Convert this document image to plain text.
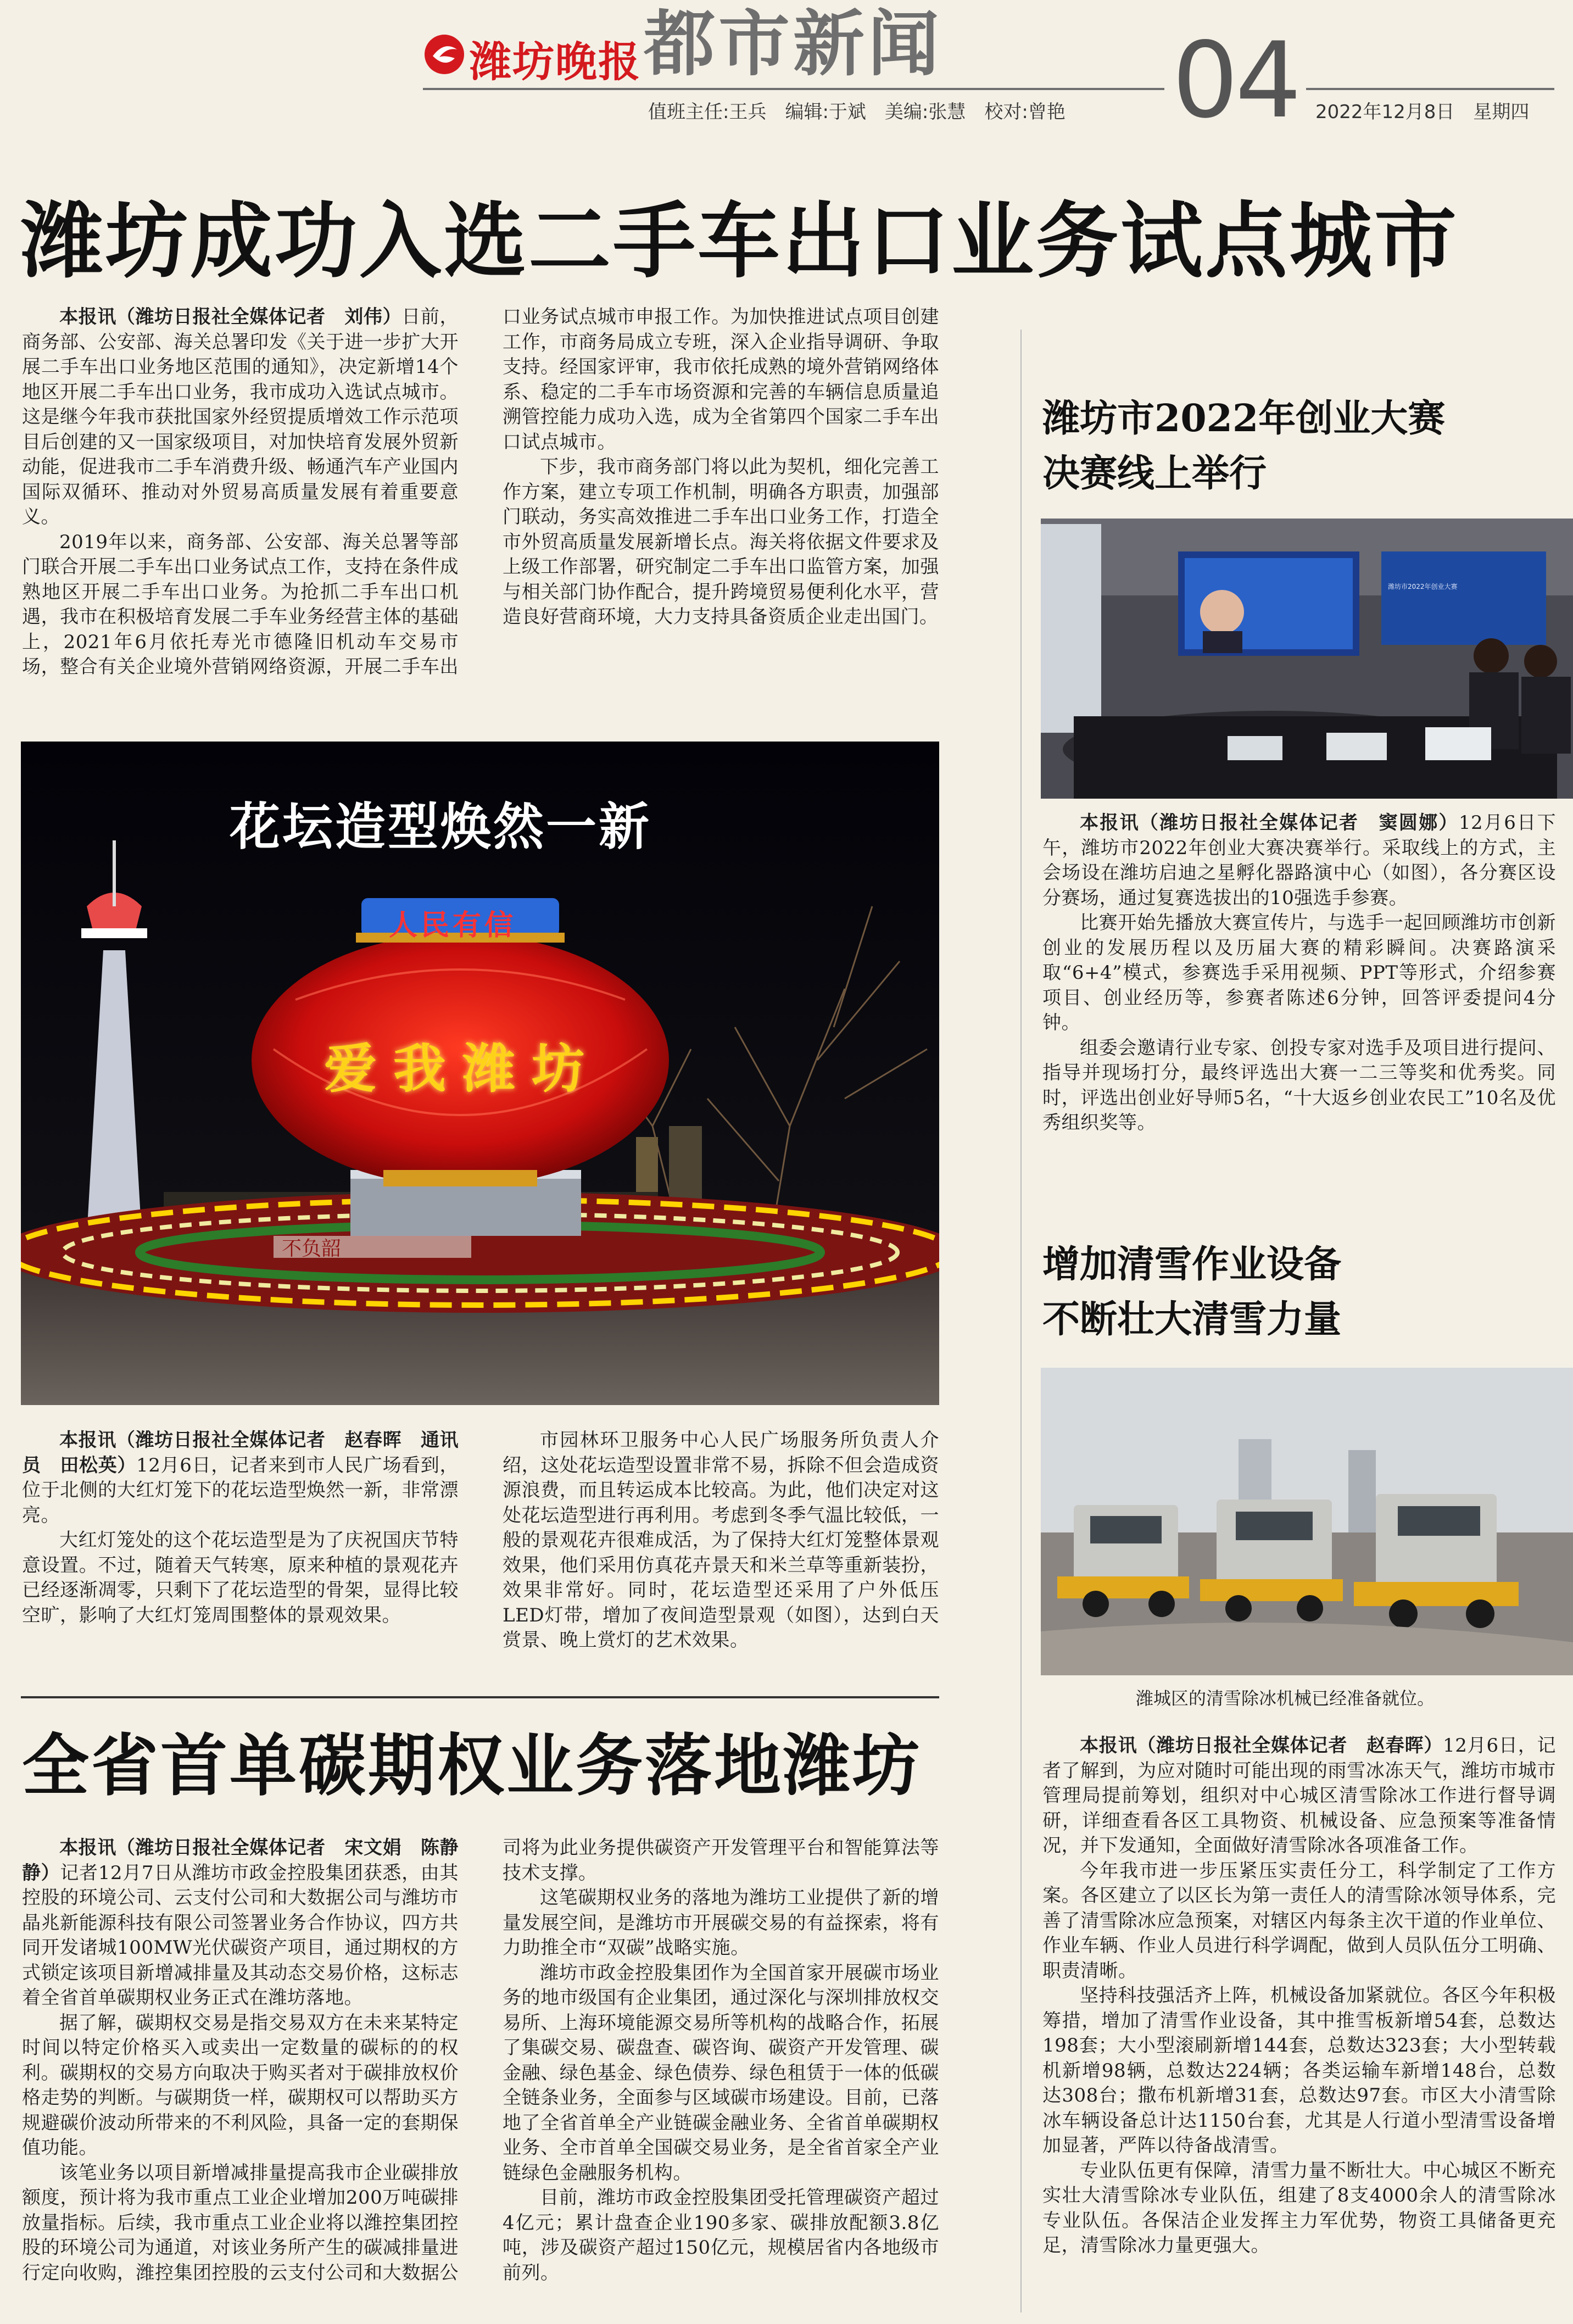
潍坊晚报 都市新闻
值班主任:王兵　编辑:于斌　美编:张慧　校对:曾艳 04 2022年12月8日　星期四
潍坊成功入选二手车出口业务试点城市

本报讯（潍坊日报社全媒体记者　刘伟）日前，商务部、公安部、海关总署印发《关于进一步扩大开展二手车出口业务地区范围的通知》，决定新增14个地区开展二手车出口业务，我市成功入选试点城市。这是继今年我市获批国家外经贸提质增效工作示范项目后创建的又一国家级项目，对加快培育发展外贸新动能，促进我市二手车消费升级、畅通汽车产业国内国际双循环、推动对外贸易高质量发展有着重要意义。

2019年以来，商务部、公安部、海关总署等部门联合开展二手车出口业务试点工作，支持在条件成熟地区开展二手车出口业务。为抢抓二手车出口机遇，我市在积极培育发展二手车业务经营主体的基础上，2021年6月依托寿光市德隆旧机动车交易市场，整合有关企业境外营销网络资源，开展二手车出口业务试点城市申报工作。为加快推进试点项目创建工作，市商务局成立专班，深入企业指导调研、争取支持。经国家评审，我市依托成熟的境外营销网络体系、稳定的二手车市场资源和完善的车辆信息质量追溯管控能力成功入选，成为全省第四个国家二手车出口试点城市。

下步，我市商务部门将以此为契机，细化完善工作方案，建立专项工作机制，明确各方职责，加强部门联动，务实高效推进二手车出口业务工作，打造全市外贸高质量发展新增长点。海关将依据文件要求及上级工作部署，研究制定二手车出口监管方案，加强与相关部门协作配合，提升跨境贸易便利化水平，营造良好营商环境，大力支持具备资质企业走出国门。

人民有信
爱我潍坊
不负韶
花坛造型焕然一新

本报讯（潍坊日报社全媒体记者　赵春晖　通讯员　田松英）12月6日，记者来到市人民广场看到，位于北侧的大红灯笼下的花坛造型焕然一新，非常漂亮。

大红灯笼处的这个花坛造型是为了庆祝国庆节特意设置。不过，随着天气转寒，原来种植的景观花卉已经逐渐凋零，只剩下了花坛造型的骨架，显得比较空旷，影响了大红灯笼周围整体的景观效果。

市园林环卫服务中心人民广场服务所负责人介绍，这处花坛造型设置非常不易，拆除不但会造成资源浪费，而且转运成本比较高。为此，他们决定对这处花坛造型进行再利用。考虑到冬季气温比较低，一般的景观花卉很难成活，为了保持大红灯笼整体景观效果，他们采用仿真花卉景天和米兰草等重新装扮，效果非常好。同时，花坛造型还采用了户外低压LED灯带，增加了夜间造型景观（如图），达到白天赏景、晚上赏灯的艺术效果。

全省首单碳期权业务落地潍坊

本报讯（潍坊日报社全媒体记者　宋文娟　陈静静）记者12月7日从潍坊市政金控股集团获悉，由其控股的环境公司、云支付公司和大数据公司与潍坊市晶兆新能源科技有限公司签署业务合作协议，四方共同开发诸城100MW光伏碳资产项目，通过期权的方式锁定该项目新增减排量及其动态交易价格，这标志着全省首单碳期权业务正式在潍坊落地。

据了解，碳期权交易是指交易双方在未来某特定时间以特定价格买入或卖出一定数量的碳标的的权利。碳期权的交易方向取决于购买者对于碳排放权价格走势的判断。与碳期货一样，碳期权可以帮助买方规避碳价波动所带来的不利风险，具备一定的套期保值功能。

该笔业务以项目新增减排量提高我市企业碳排放额度，预计将为我市重点工业企业增加200万吨碳排放量指标。后续，我市重点工业企业将以潍控集团控股的环境公司为通道，对该业务所产生的碳减排量进行定向收购，潍控集团控股的云支付公司和大数据公司将为此业务提供碳资产开发管理平台和智能算法等技术支撑。

这笔碳期权业务的落地为潍坊工业提供了新的增量发展空间，是潍坊市开展碳交易的有益探索，将有力助推全市“双碳”战略实施。

潍坊市政金控股集团作为全国首家开展碳市场业务的地市级国有企业集团，通过深化与深圳排放权交易所、上海环境能源交易所等机构的战略合作，拓展了集碳交易、碳盘查、碳咨询、碳资产开发管理、碳金融、绿色基金、绿色债券、绿色租赁于一体的低碳全链条业务，全面参与区域碳市场建设。目前，已落地了全省首单全产业链碳金融业务、全省首单碳期权业务、全市首单全国碳交易业务，是全省首家全产业链绿色金融服务机构。

目前，潍坊市政金控股集团受托管理碳资产超过4亿元；累计盘查企业190多家、碳排放配额3.8亿吨，涉及碳资产超过150亿元，规模居省内各地级市前列。

潍坊市2022年创业大赛
决赛线上举行
潍坊市2022年创业大赛

本报讯（潍坊日报社全媒体记者　窦圆娜）12月6日下午，潍坊市2022年创业大赛决赛举行。采取线上的方式，主会场设在潍坊启迪之星孵化器路演中心（如图），各分赛区设分赛场，通过复赛选拔出的10强选手参赛。

比赛开始先播放大赛宣传片，与选手一起回顾潍坊市创新创业的发展历程以及历届大赛的精彩瞬间。决赛路演采取“6+4”模式，参赛选手采用视频、PPT等形式，介绍参赛项目、创业经历等，参赛者陈述6分钟，回答评委提问4分钟。

组委会邀请行业专家、创投专家对选手及项目进行提问、指导并现场打分，最终评选出大赛一二三等奖和优秀奖。同时，评选出创业好导师5名，“十大返乡创业农民工”10名及优秀组织奖等。

增加清雪作业设备
不断壮大清雪力量
潍城区的清雪除冰机械已经准备就位。

本报讯（潍坊日报社全媒体记者　赵春晖）12月6日，记者了解到，为应对随时可能出现的雨雪冰冻天气，潍坊市城市管理局提前筹划，组织对中心城区清雪除冰工作进行督导调研，详细查看各区工具物资、机械设备、应急预案等准备情况，并下发通知，全面做好清雪除冰各项准备工作。

今年我市进一步压紧压实责任分工，科学制定了工作方案。各区建立了以区长为第一责任人的清雪除冰领导体系，完善了清雪除冰应急预案，对辖区内每条主次干道的作业单位、作业车辆、作业人员进行科学调配，做到人员队伍分工明确、职责清晰。

坚持科技强活齐上阵，机械设备加紧就位。各区今年积极筹措，增加了清雪作业设备，其中推雪板新增54套，总数达198套；大小型滚刷新增144套，总数达323套；大小型转载机新增98辆，总数达224辆；各类运输车新增148台，总数达308台；撒布机新增31套，总数达97套。市区大小清雪除冰车辆设备总计达1150台套，尤其是人行道小型清雪设备增加显著，严阵以待备战清雪。

专业队伍更有保障，清雪力量不断壮大。中心城区不断充实壮大清雪除冰专业队伍，组建了8支4000余人的清雪除冰专业队伍。各保洁企业发挥主力军优势，物资工具储备更充足，清雪除冰力量更强大。
